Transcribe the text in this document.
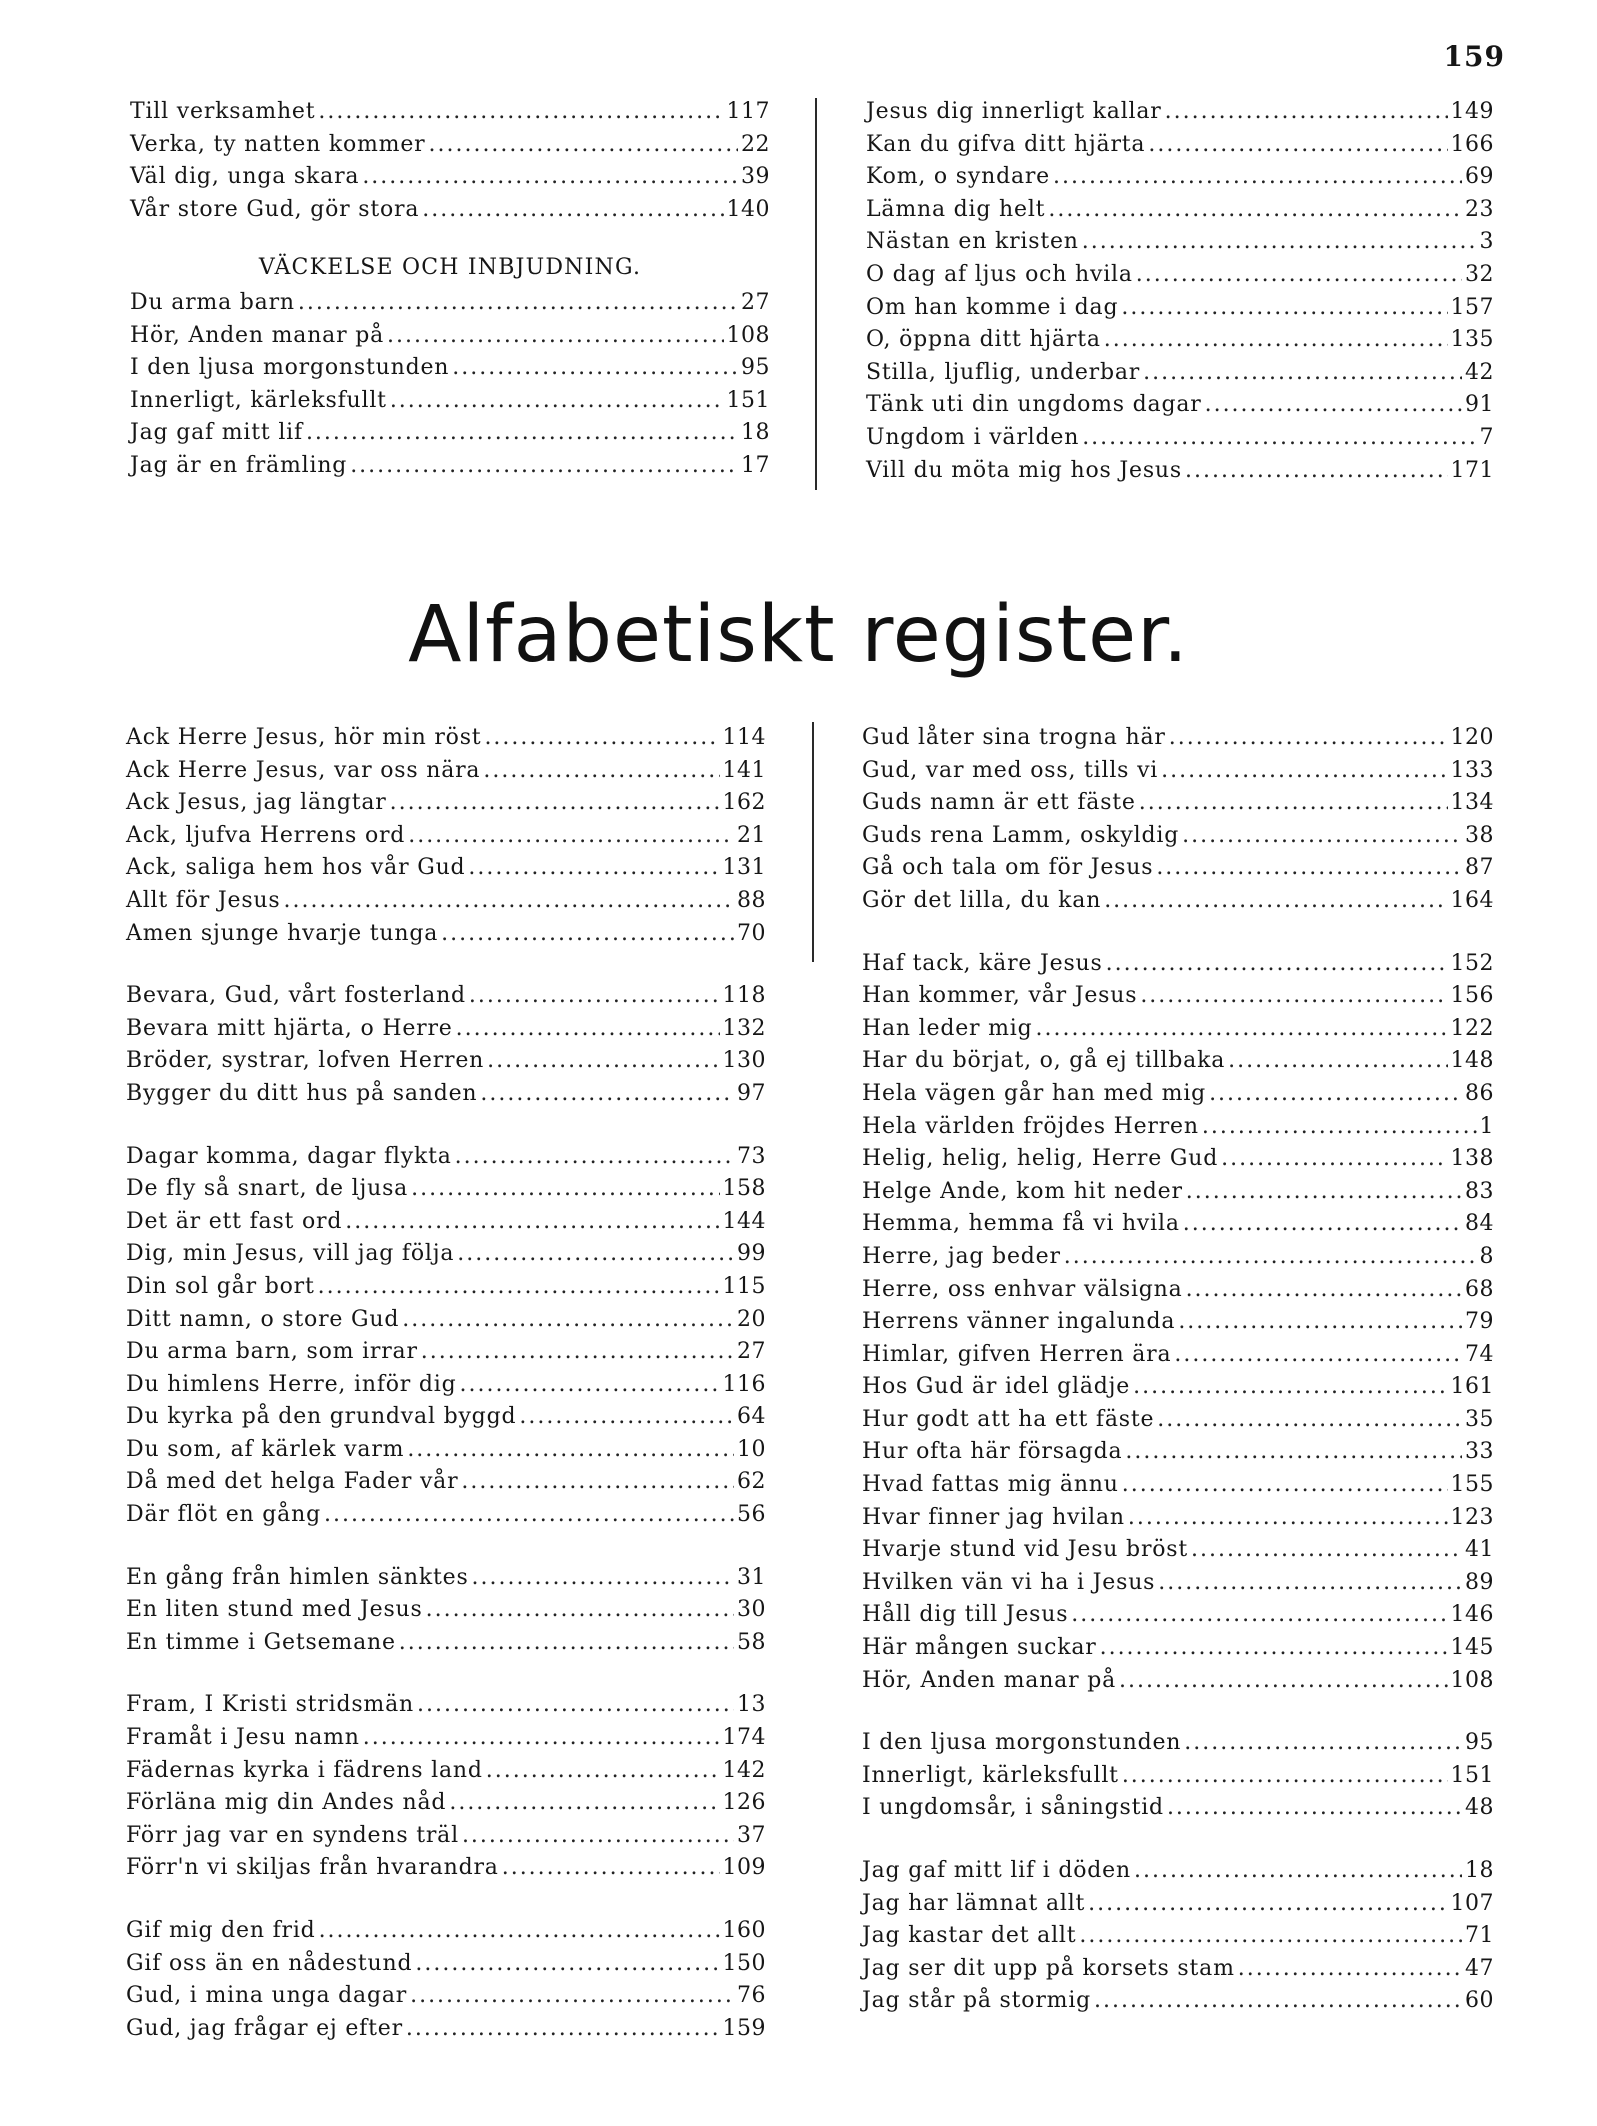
159
Till verksamhet .....	117
Verka, ty natten kommer .....	22
Väl dig, unga skara .....	39
Vår store Gud, gör stora .....	140
VÄCKELSE OCH INBJUDNING.
Du arma barn .....	27
Hör, Anden manar på .....	108
I den ljusa morgonstunden .....	95
Innerligt, kärleksfullt .....	151
Jag gaf mitt lif .....	18
Jag är en främling .....	17
Jesus dig innerligt kallar .....	149
Kan du gifva ditt hjärta .....	166
Kom, o syndare .....	69
Lämna dig helt .....	23
Nästan en kristen .....	3
O dag af ljus och hvila .....	32
Om han komme i dag .....	157
O, öppna ditt hjärta .....	135
Stilla, ljuflig, underbar .....	42
Tänk uti din ungdoms dagar .....	91
Ungdom i världen .....	7
Vill du möta mig hos Jesus .....	171
Alfabetiskt register.
Ack Herre Jesus, hör min röst .....	114
Ack Herre Jesus, var oss nära .....	141
Ack Jesus, jag längtar .....	162
Ack, ljufva Herrens ord .....	21
Ack, saliga hem hos vår Gud .....	131
Allt för Jesus .....	88
Amen sjunge hvarje tunga .....	70
Bevara, Gud, vårt fosterland .....	118
Bevara mitt hjärta, o Herre .....	132
Bröder, systrar, lofven Herren .....	130
Bygger du ditt hus på sanden .....	97
Dagar komma, dagar flykta .....	73
De fly så snart, de ljusa .....	158
Det är ett fast ord .....	144
Dig, min Jesus, vill jag följa .....	99
Din sol går bort .....	115
Ditt namn, o store Gud .....	20
Du arma barn, som irrar .....	27
Du himlens Herre, inför dig .....	116
Du kyrka på den grundval byggd .....	64
Du som, af kärlek varm .....	10
Då med det helga Fader vår .....	62
Där flöt en gång .....	56
En gång från himlen sänktes .....	31
En liten stund med Jesus .....	30
En timme i Getsemane .....	58
Fram, I Kristi stridsmän .....	13
Framåt i Jesu namn .....	174
Fädernas kyrka i fädrens land .....	142
Förläna mig din Andes nåd .....	126
Förr jag var en syndens träl .....	37
Förr'n vi skiljas från hvarandra .....	109
Gif mig den frid .....	160
Gif oss än en nådestund .....	150
Gud, i mina unga dagar .....	76
Gud, jag frågar ej efter .....	159
Gud låter sina trogna här .....	120
Gud, var med oss, tills vi .....	133
Guds namn är ett fäste .....	134
Guds rena Lamm, oskyldig .....	38
Gå och tala om för Jesus .....	87
Gör det lilla, du kan .....	164
Haf tack, käre Jesus .....	152
Han kommer, vår Jesus .....	156
Han leder mig .....	122
Har du börjat, o, gå ej tillbaka .....	148
Hela vägen går han med mig .....	86
Hela världen fröjdes Herren .....	1
Helig, helig, helig, Herre Gud .....	138
Helge Ande, kom hit neder .....	83
Hemma, hemma få vi hvila .....	84
Herre, jag beder .....	8
Herre, oss enhvar välsigna .....	68
Herrens vänner ingalunda .....	79
Himlar, gifven Herren ära .....	74
Hos Gud är idel glädje .....	161
Hur godt att ha ett fäste .....	35
Hur ofta här försagda .....	33
Hvad fattas mig ännu .....	155
Hvar finner jag hvilan .....	123
Hvarje stund vid Jesu bröst .....	41
Hvilken vän vi ha i Jesus .....	89
Håll dig till Jesus .....	146
Här mången suckar .....	145
Hör, Anden manar på .....	108
I den ljusa morgonstunden .....	95
Innerligt, kärleksfullt .....	151
I ungdomsår, i såningstid .....	48
Jag gaf mitt lif i döden .....	18
Jag har lämnat allt .....	107
Jag kastar det allt .....	71
Jag ser dit upp på korsets stam .....	47
Jag står på stormig .....	60
